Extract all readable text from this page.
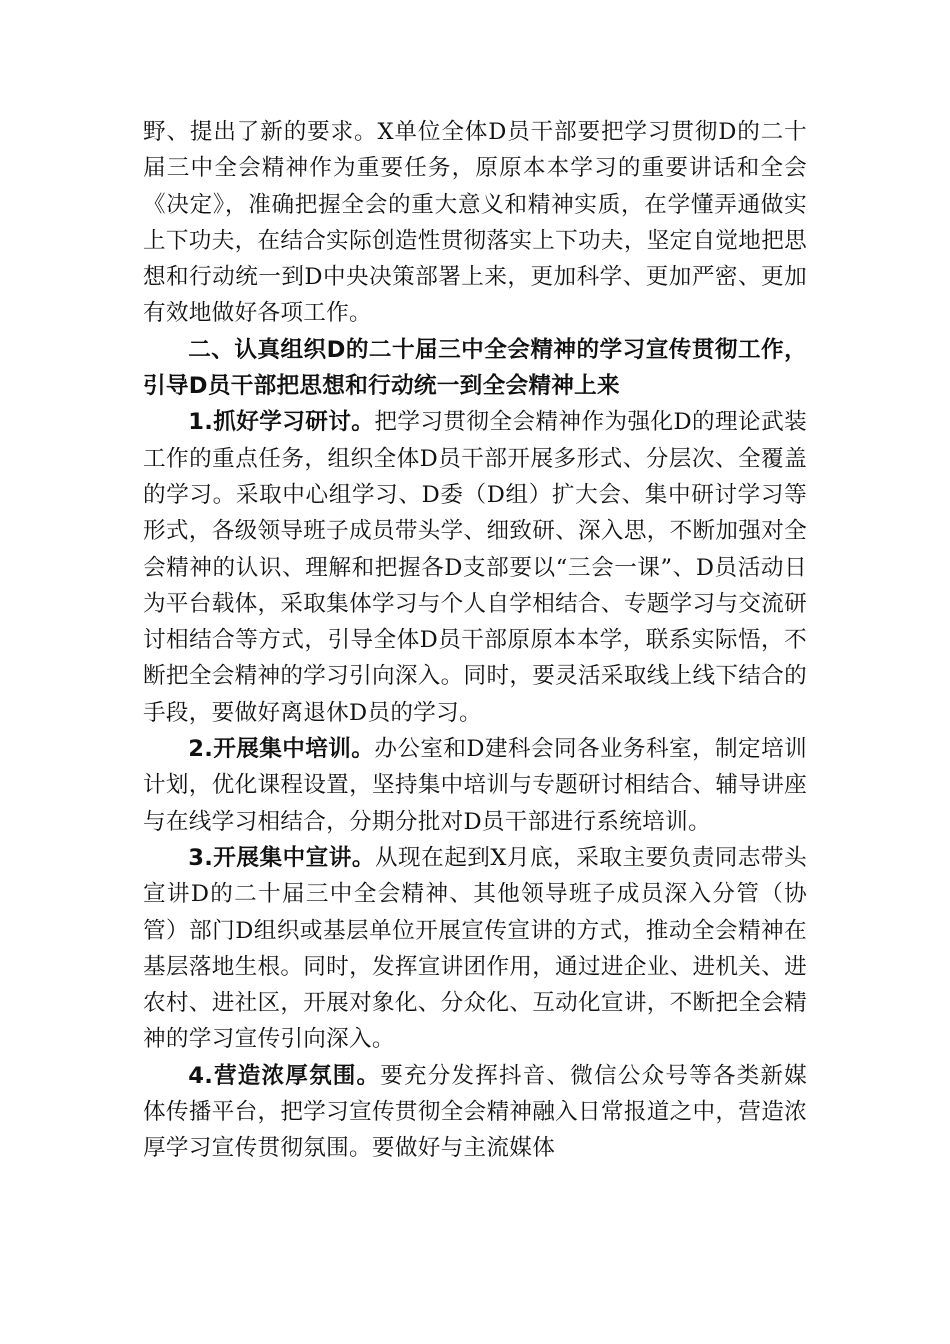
野、提出了新的要求。X单位全体D员干部要把学习贯彻D的二十届三中全会精神作为重要任务，原原本本学习的重要讲话和全会《决定》，准确把握全会的重大意义和精神实质，在学懂弄通做实上下功夫，在结合实际创造性贯彻落实上下功夫，坚定自觉地把思想和行动统一到D中央决策部署上来，更加科学、更加严密、更加有效地做好各项工作。

二、认真组织D的二十届三中全会精神的学习宣传贯彻工作，引导D员干部把思想和行动统一到全会精神上来

1.抓好学习研讨。把学习贯彻全会精神作为强化D的理论武装工作的重点任务，组织全体D员干部开展多形式、分层次、全覆盖的学习。采取中心组学习、D委（D组）扩大会、集中研讨学习等形式，各级领导班子成员带头学、细致研、深入思，不断加强对全会精神的认识、理解和把握各D支部要以“三会一课”、D员活动日为平台载体，采取集体学习与个人自学相结合、专题学习与交流研讨相结合等方式，引导全体D员干部原原本本学，联系实际悟，不断把全会精神的学习引向深入。同时，要灵活采取线上线下结合的手段，要做好离退休D员的学习。

2.开展集中培训。办公室和D建科会同各业务科室，制定培训计划，优化课程设置，坚持集中培训与专题研讨相结合、辅导讲座与在线学习相结合，分期分批对D员干部进行系统培训。

3.开展集中宣讲。从现在起到X月底，采取主要负责同志带头宣讲D的二十届三中全会精神、其他领导班子成员深入分管（协管）部门D组织或基层单位开展宣传宣讲的方式，推动全会精神在基层落地生根。同时，发挥宣讲团作用，通过进企业、进机关、进农村、进社区，开展对象化、分众化、互动化宣讲，不断把全会精神的学习宣传引向深入。

4.营造浓厚氛围。要充分发挥抖音、微信公众号等各类新媒体传播平台，把学习宣传贯彻全会精神融入日常报道之中，营造浓厚学习宣传贯彻氛围。要做好与主流媒体
